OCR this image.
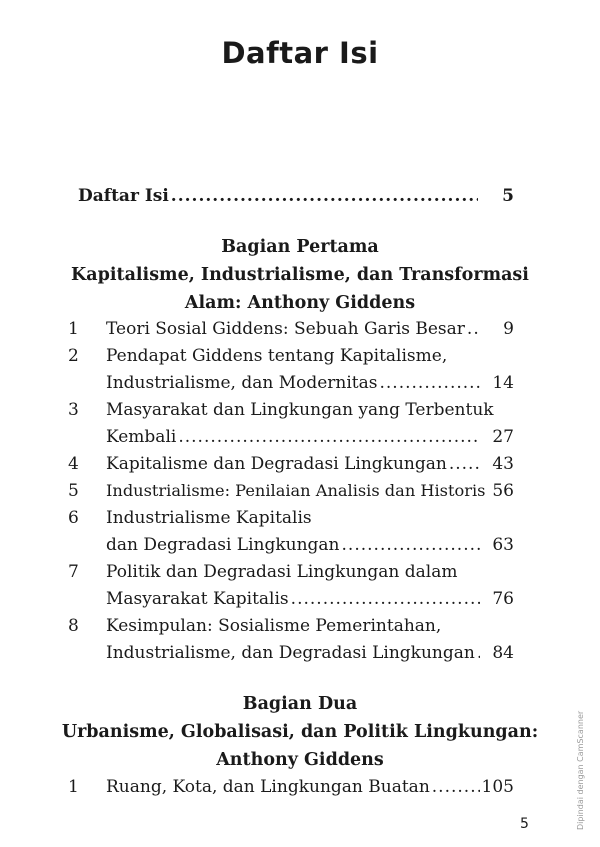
Daftar Isi
Daftar Isi .....	5
Bagian Pertama
Kapitalisme, Industrialisme, dan Transformasi
Alam: Anthony Giddens
1 Teori Sosial Giddens: Sebuah Garis Besar ..... 9
2 Pendapat Giddens tentang Kapitalisme,
Industrialisme, dan Modernitas .....	14
3 Masyarakat dan Lingkungan yang Terbentuk
Kembali .....	27
4 Kapitalisme dan Degradasi Lingkungan .....	43
5 Industrialisme: Penilaian Analisis dan Historis 56
6 Industrialisme Kapitalis
dan Degradasi Lingkungan .....	63
7 Politik dan Degradasi Lingkungan dalam
Masyarakat Kapitalis .....	76
8 Kesimpulan: Sosialisme Pemerintahan,
Industrialisme, dan Degradasi Lingkungan ..... 84
Bagian Dua
Urbanisme, Globalisasi, dan Politik Lingkungan:
Anthony Giddens
1 Ruang, Kota, dan Lingkungan Buatan .....	105
5	Dipindai dengan CamScanner
